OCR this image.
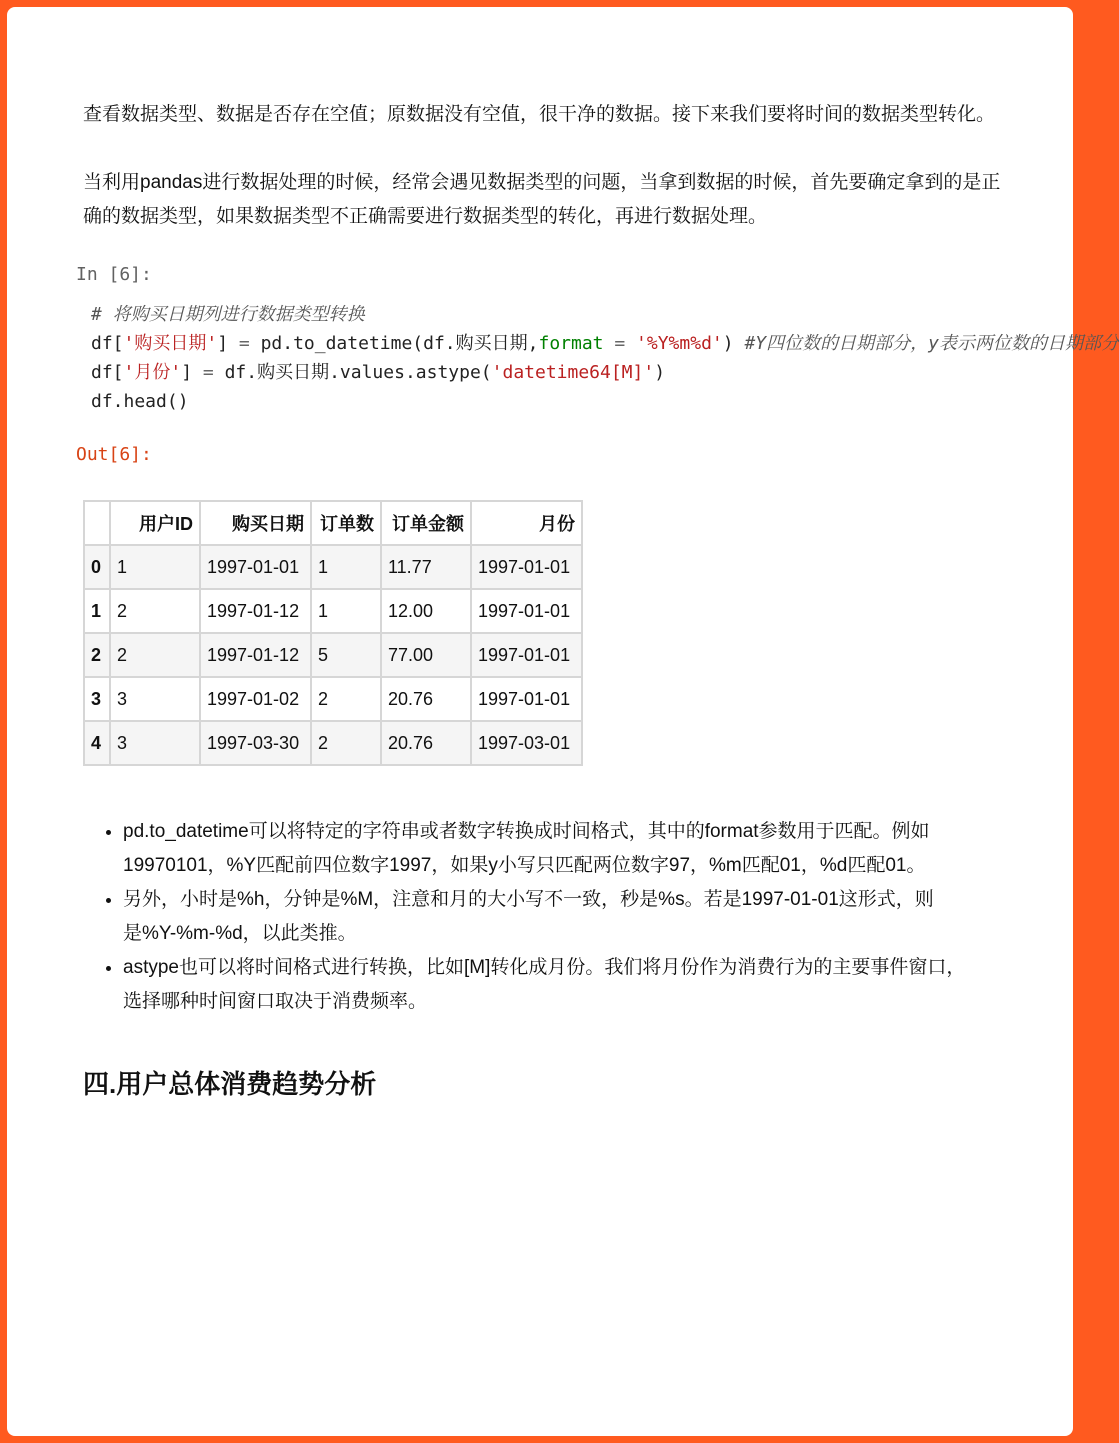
查看数据类型、数据是否存在空值；原数据没有空值，很干净的数据。接下来我们要将时间的数据类型转化。

当利用pandas进行数据处理的时候，经常会遇见数据类型的问题，当拿到数据的时候，首先要确定拿到的是正确的数据类型，如果数据类型不正确需要进行数据类型的转化，再进行数据处理。

In [6]:
# 将购买日期列进行数据类型转换
df['购买日期'] = pd.to_datetime(df.购买日期,format = '%Y%m%d') #Y四位数的日期部分，y表示两位数的日期部分
df['月份'] = df.购买日期.values.astype('datetime64[M]')
df.head()
Out[6]:
	用户ID	购买日期	订单数	订单金额	月份
0	1	1997-01-01	1	11.77	1997-01-01
1	2	1997-01-12	1	12.00	1997-01-01
2	2	1997-01-12	5	77.00	1997-01-01
3	3	1997-01-02	2	20.76	1997-01-01
4	3	1997-03-30	2	20.76	1997-03-01
• pd.to_datetime可以将特定的字符串或者数字转换成时间格式，其中的format参数用于匹配。例如19970101，%Y匹配前四位数字1997，如果y小写只匹配两位数字97，%m匹配01，%d匹配01。
• 另外，小时是%h，分钟是%M，注意和月的大小写不一致，秒是%s。若是1997-01-01这形式，则是%Y-%m-%d，以此类推。
• astype也可以将时间格式进行转换，比如[M]转化成月份。我们将月份作为消费行为的主要事件窗口，选择哪种时间窗口取决于消费频率。
四.用户总体消费趋势分析
